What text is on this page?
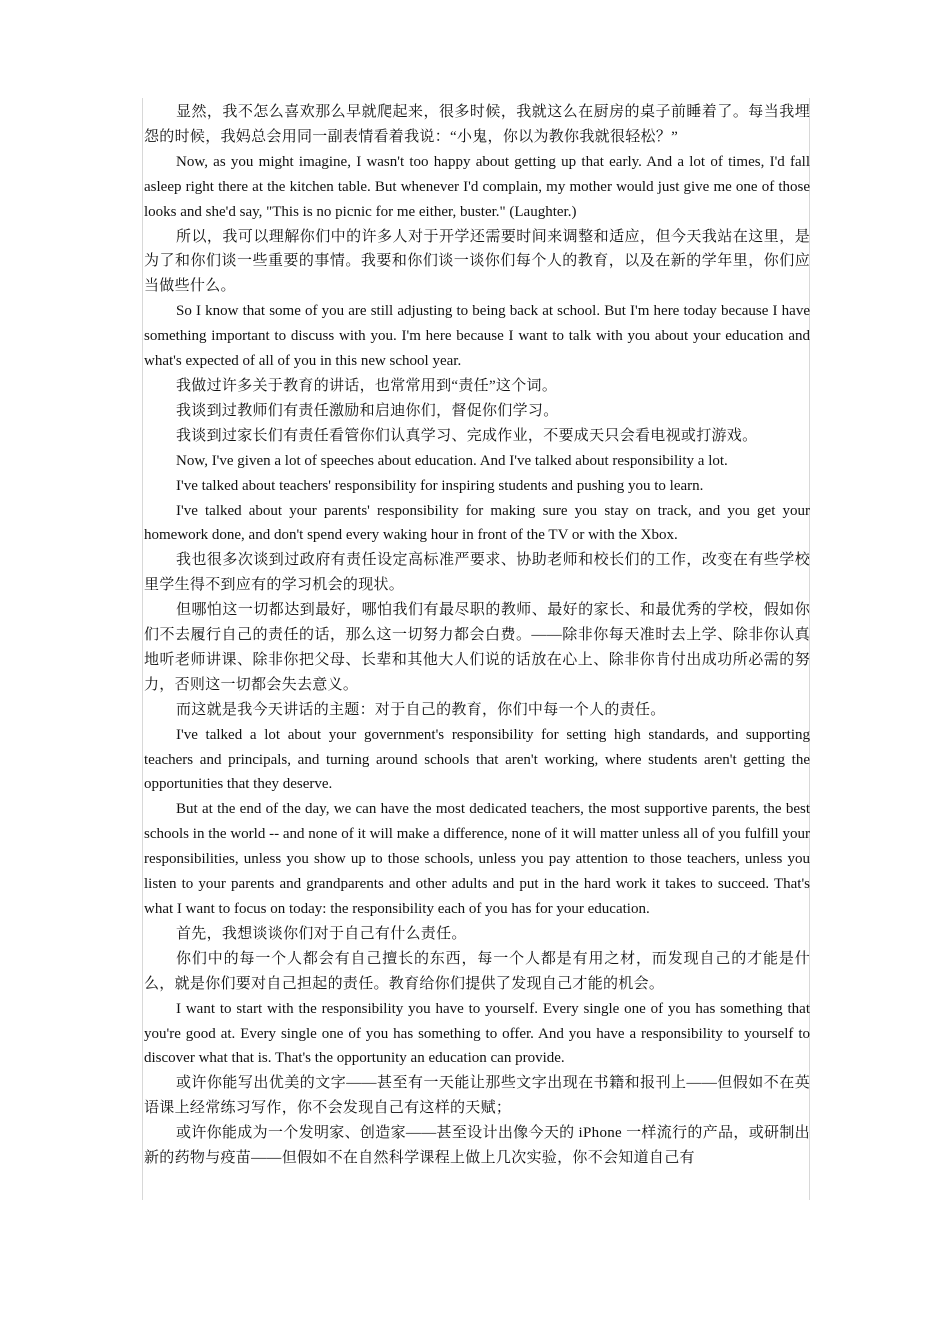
显然，我不怎么喜欢那么早就爬起来，很多时候，我就这么在厨房的桌子前睡着了。每当我埋怨的时候，我妈总会用同一副表情看着我说：“小鬼，你以为教你我就很轻松？”

Now, as you might imagine, I wasn't too happy about getting up that early. And a lot of times, I'd fall asleep right there at the kitchen table. But whenever I'd complain, my mother would just give me one of those looks and she'd say, "This is no picnic for me either, buster." (Laughter.)

所以，我可以理解你们中的许多人对于开学还需要时间来调整和适应，但今天我站在这里，是为了和你们谈一些重要的事情。我要和你们谈一谈你们每个人的教育，以及在新的学年里，你们应当做些什么。

So I know that some of you are still adjusting to being back at school. But I'm here today because I have something important to discuss with you. I'm here because I want to talk with you about your education and what's expected of all of you in this new school year.

我做过许多关于教育的讲话，也常常用到“责任”这个词。

我谈到过教师们有责任激励和启迪你们，督促你们学习。

我谈到过家长们有责任看管你们认真学习、完成作业，不要成天只会看电视或打游戏。

Now, I've given a lot of speeches about education. And I've talked about responsibility a lot.

I've talked about teachers' responsibility for inspiring students and pushing you to learn.

I've talked about your parents' responsibility for making sure you stay on track, and you get your homework done, and don't spend every waking hour in front of the TV or with the Xbox.

我也很多次谈到过政府有责任设定高标准严要求、协助老师和校长们的工作，改变在有些学校里学生得不到应有的学习机会的现状。

但哪怕这一切都达到最好，哪怕我们有最尽职的教师、最好的家长、和最优秀的学校，假如你们不去履行自己的责任的话，那么这一切努力都会白费。——除非你每天准时去上学、除非你认真地听老师讲课、除非你把父母、长辈和其他大人们说的话放在心上、除非你肯付出成功所必需的努力，否则这一切都会失去意义。

而这就是我今天讲话的主题：对于自己的教育，你们中每一个人的责任。

I've talked a lot about your government's responsibility for setting high standards, and supporting teachers and principals, and turning around schools that aren't working, where students aren't getting the opportunities that they deserve.

But at the end of the day, we can have the most dedicated teachers, the most supportive parents, the best schools in the world -- and none of it will make a difference, none of it will matter unless all of you fulfill your responsibilities, unless you show up to those schools, unless you pay attention to those teachers, unless you listen to your parents and grandparents and other adults and put in the hard work it takes to succeed. That's what I want to focus on today: the responsibility each of you has for your education.

首先，我想谈谈你们对于自己有什么责任。

你们中的每一个人都会有自己擅长的东西，每一个人都是有用之材，而发现自己的才能是什么，就是你们要对自己担起的责任。教育给你们提供了发现自己才能的机会。

I want to start with the responsibility you have to yourself. Every single one of you has something that you're good at. Every single one of you has something to offer. And you have a responsibility to yourself to discover what that is. That's the opportunity an education can provide.

或许你能写出优美的文字——甚至有一天能让那些文字出现在书籍和报刊上——但假如不在英语课上经常练习写作，你不会发现自己有这样的天赋；

或许你能成为一个发明家、创造家——甚至设计出像今天的 iPhone 一样流行的产品，或研制出新的药物与疫苗——但假如不在自然科学课程上做上几次实验，你不会知道自己有
